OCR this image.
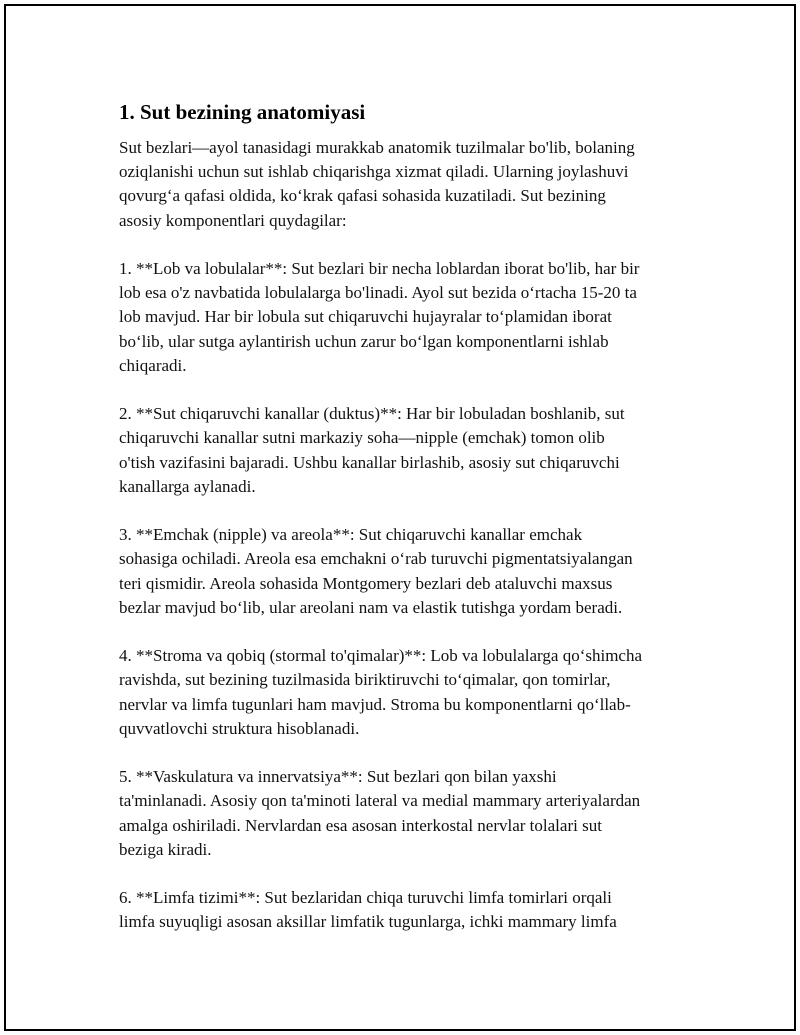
1. Sut bezining anatomiyasi

Sut bezlari—ayol tanasidagi murakkab anatomik tuzilmalar bo'lib, bolaning
oziqlanishi uchun sut ishlab chiqarishga xizmat qiladi. Ularning joylashuvi
qovurg‘a qafasi oldida, ko‘krak qafasi sohasida kuzatiladi. Sut bezining
asosiy komponentlari quydagilar:

1. **Lob va lobulalar**: Sut bezlari bir necha loblardan iborat bo'lib, har bir
lob esa o'z navbatida lobulalarga bo'linadi. Ayol sut bezida o‘rtacha 15-20 ta
lob mavjud. Har bir lobula sut chiqaruvchi hujayralar to‘plamidan iborat
bo‘lib, ular sutga aylantirish uchun zarur bo‘lgan komponentlarni ishlab
chiqaradi.

2. **Sut chiqaruvchi kanallar (duktus)**: Har bir lobuladan boshlanib, sut
chiqaruvchi kanallar sutni markaziy soha—nipple (emchak) tomon olib
o'tish vazifasini bajaradi. Ushbu kanallar birlashib, asosiy sut chiqaruvchi
kanallarga aylanadi.

3. **Emchak (nipple) va areola**: Sut chiqaruvchi kanallar emchak
sohasiga ochiladi. Areola esa emchakni o‘rab turuvchi pigmentatsiyalangan
teri qismidir. Areola sohasida Montgomery bezlari deb ataluvchi maxsus
bezlar mavjud bo‘lib, ular areolani nam va elastik tutishga yordam beradi.

4. **Stroma va qobiq (stormal to'qimalar)**: Lob va lobulalarga qo‘shimcha
ravishda, sut bezining tuzilmasida biriktiruvchi to‘qimalar, qon tomirlar,
nervlar va limfa tugunlari ham mavjud. Stroma bu komponentlarni qo‘llab-
quvvatlovchi struktura hisoblanadi.

5. **Vaskulatura va innervatsiya**: Sut bezlari qon bilan yaxshi
ta'minlanadi. Asosiy qon ta'minoti lateral va medial mammary arteriyalardan
amalga oshiriladi. Nervlardan esa asosan interkostal nervlar tolalari sut
beziga kiradi.

6. **Limfa tizimi**: Sut bezlaridan chiqa turuvchi limfa tomirlari orqali
limfa suyuqligi asosan aksillar limfatik tugunlarga, ichki mammary limfa
